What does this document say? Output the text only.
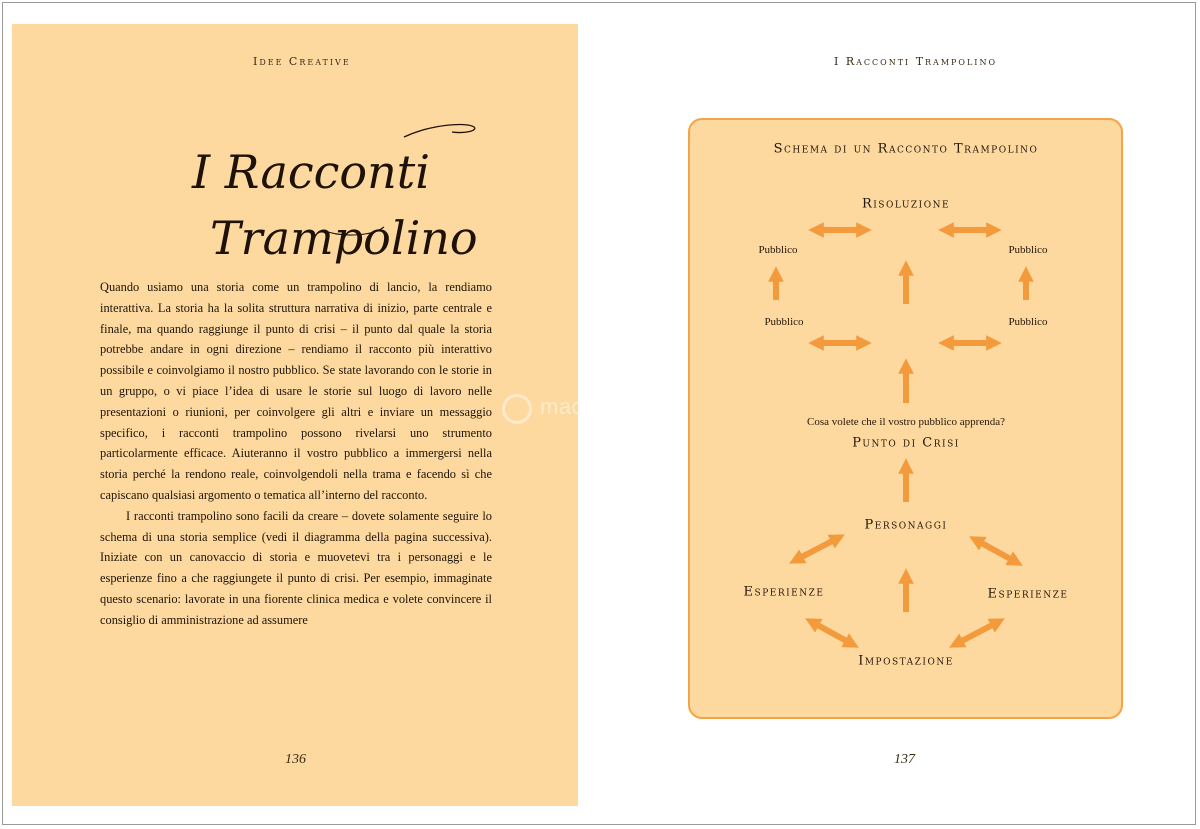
Idee Creative
I Racconti
Trampolino

Quando usiamo una storia come un trampolino di lancio, la rendiamo interattiva. La storia ha la solita struttura narrativa di inizio, parte centrale e finale, ma quando raggiunge il punto di crisi – il punto dal quale la storia potrebbe andare in ogni direzione – rendiamo il racconto più interattivo possibile e coinvolgiamo il nostro pubblico. Se state lavorando con le storie in un gruppo, o vi piace l’idea di usare le storie sul luogo di lavoro nelle presentazioni o riunioni, per coinvolgere gli altri e inviare un messaggio specifico, i racconti trampolino possono rivelarsi uno strumento particolarmente efficace. Aiuteranno il vostro pubblico a immergersi nella storia perché la rendono reale, coinvolgendoli nella trama e facendo sì che capiscano qualsiasi argomento o tematica all’interno del racconto.

I racconti trampolino sono facili da creare – dovete solamente seguire lo schema di una storia semplice (vedi il diagramma della pagina successiva). Iniziate con un canovaccio di storia e muovetevi tra i personaggi e le esperienze fino a che raggiungete il punto di crisi. Per esempio, immaginate questo scenario: lavorate in una fiorente clinica medica e volete convincere il consiglio di amministrazione ad assumere

136
I Racconti Trampolino
Schema di un Racconto Trampolino
Risoluzione
Pubblico	Pubblico
Pubblico	Pubblico
Cosa volete che il vostro pubblico apprenda?
Punto di Crisi
Personaggi
Esperienze	Esperienze
Impostazione
137
macrolibrarsi
